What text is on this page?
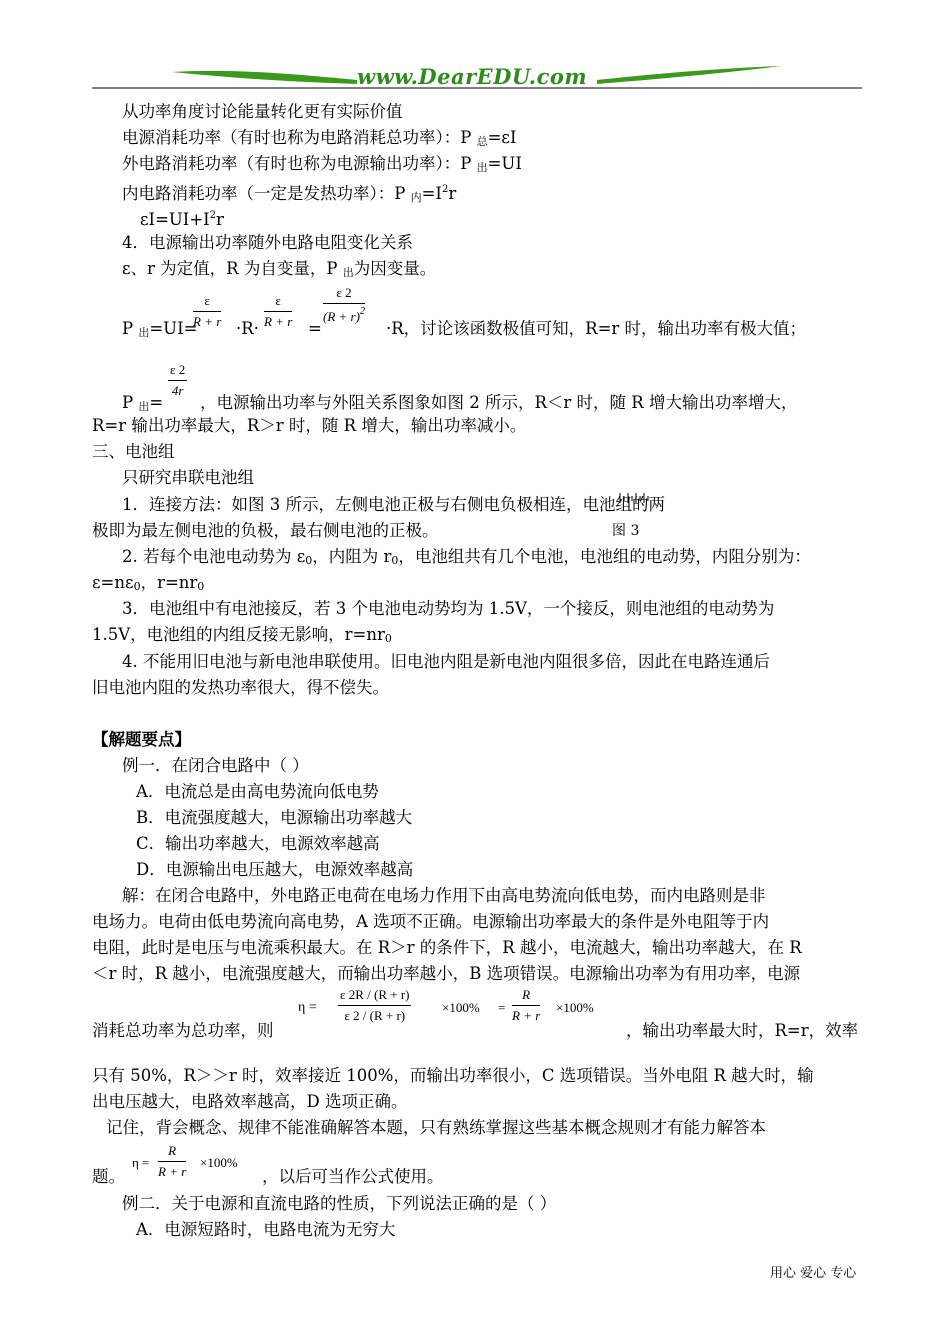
www.DearEDU.com
从功率角度讨论能量转化更有实际价值
电源消耗功率（有时也称为电路消耗总功率）：P 总=εI
外电路消耗功率（有时也称为电源输出功率）：P 出=UI
内电路消耗功率（一定是发热功率）：P 内$=I^2r$
$\varepsilon I=UI+I^2r$
4．电源输出功率随外电路电阻变化关系
ε、r 为定值，R 为自变量，P 出为因变量。
P 出=UI=
$\frac{\varepsilon}{R + r} \cdot R\cdot \frac{\varepsilon}{R + r}$ =
$\frac{\varepsilon 2}{(R + r)^2}$
·R，讨论该函数极值可知，R=r 时，输出功率有极大值；
P 出=
$\frac{\varepsilon 2}{4r}$
，电源输出功率与外阻关系图象如图 2 所示，R＜r 时，随 R 增大输出功率增大，
R=r 输出功率最大，R＞r 时，随 R 增大，输出功率减小。
三、电池组
只研究串联电池组
1．连接方法：如图 3 所示，左侧电池正极与右侧电负极相连，电池组的两
极即为最左侧电池的负极，最右侧电池的正极。	图 3
2. 若每个电池电动势为 ε0，内阻为 r0，电池组共有几个电池，电池组的电动势，内阻分别为：
ε=nε0，r=nr0
3．电池组中有电池接反，若 3 个电池电动势均为 1.5V，一个接反，则电池组的电动势为
1.5V，电池组的内组反接无影响，r=nr0
4. 不能用旧电池与新电池串联使用。旧电池内阻是新电池内阻很多倍，因此在电路连通后
旧电池内阻的发热功率很大，得不偿失。
【解题要点】
例一．在闭合电路中（ ）
A．电流总是由高电势流向低电势
B．电流强度越大，电源输出功率越大
C．输出功率越大，电源效率越高
D．电源输出电压越大，电源效率越高
解：在闭合电路中，外电路正电荷在电场力作用下由高电势流向低电势，而内电路则是非
电场力。电荷由低电势流向高电势，A 选项不正确。电源输出功率最大的条件是外电阻等于内
电阻，此时是电压与电流乘积最大。在 R＞r 的条件下，R 越小，电流越大，输出功率越大，在 R
＜r 时，R 越小，电流强度越大，而输出功率越小，B 选项错误。电源输出功率为有用功率，电源
消耗总功率为总功率，则
$\eta = \frac{\varepsilon 2R / (R + r)}{\varepsilon 2 / (R + r)} \times 100\% = \frac{R}{R + r} \times 100\%$
，输出功率最大时，R=r，效率
只有 50%，R＞＞r 时，效率接近 100%，而输出功率很小，C 选项错误。当外电阻 R 越大时，输
出电压越大，电路效率越高，D 选项正确。
记住，背会概念、规律不能准确解答本题，只有熟练掌握这些基本概念规则才有能力解答本
题。
$\eta = \frac{R}{R + r} \times 100\%$
，以后可当作公式使用。
例二．关于电源和直流电路的性质，下列说法正确的是（ ）
A．电源短路时，电路电流为无穷大
用心 爱心 专心
